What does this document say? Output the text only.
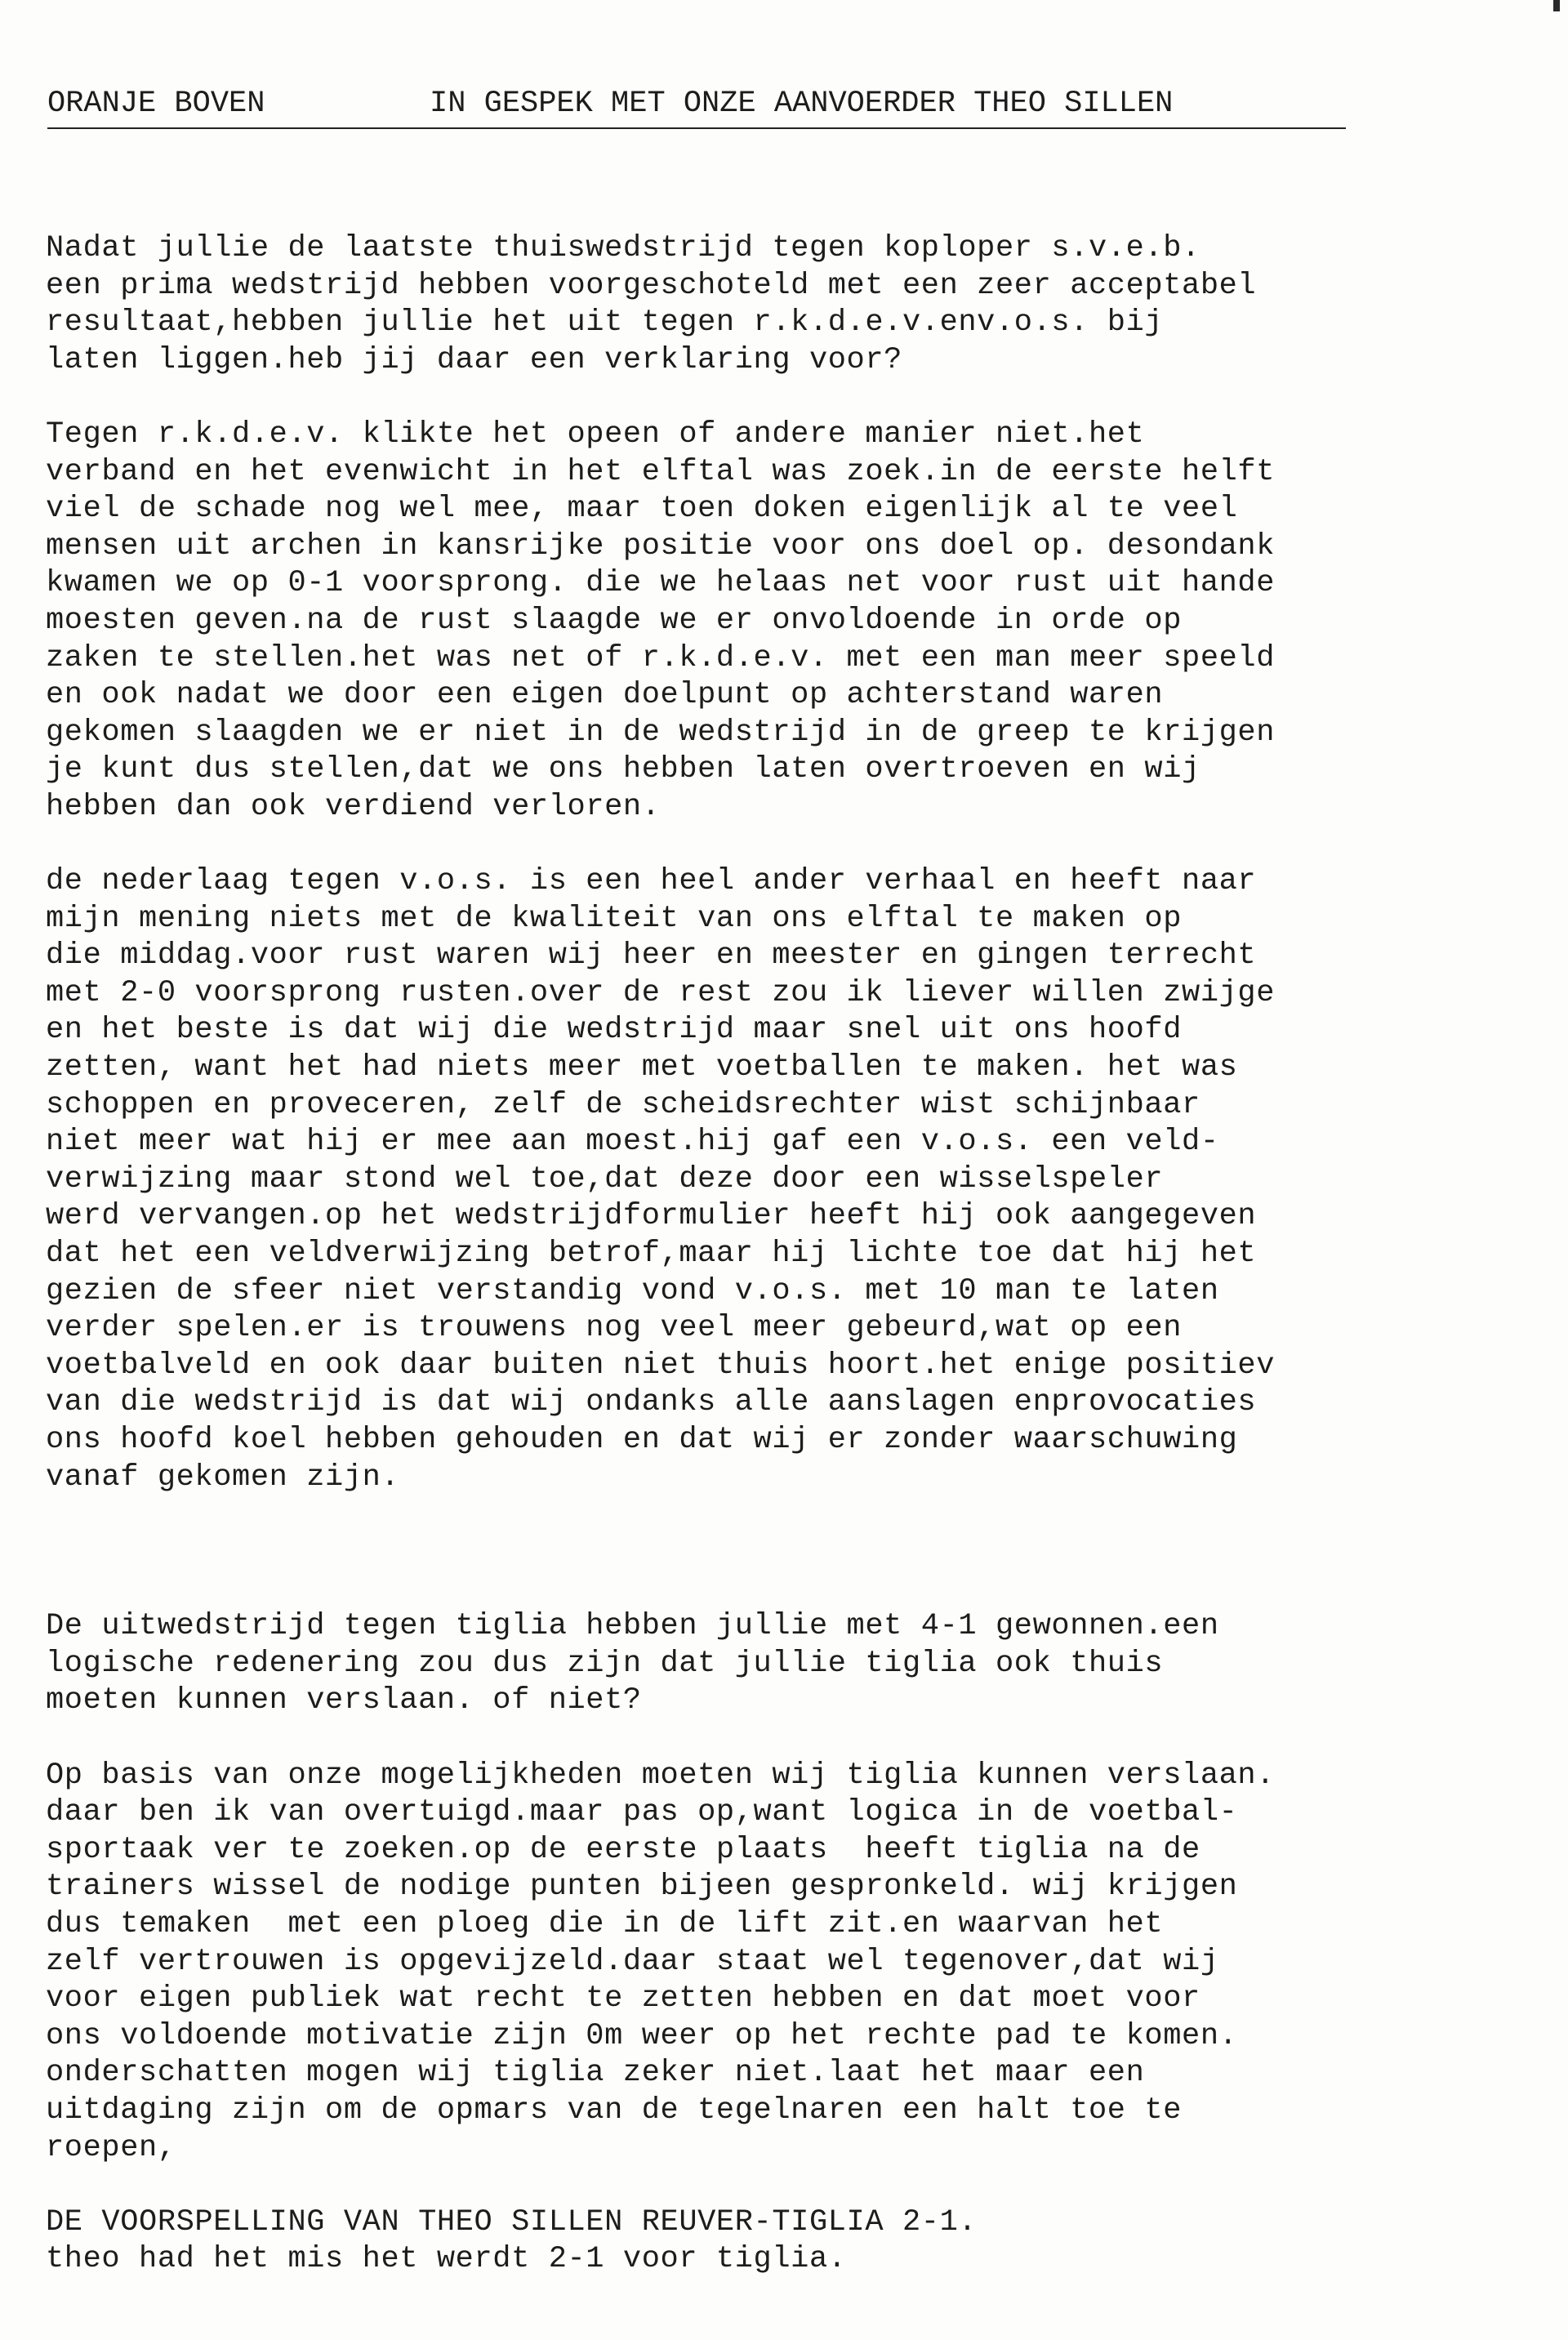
ORANJE BOVEN

	IN GESPEK MET ONZE AANVOERDER THEO SILLEN

Nadat jullie de laatste thuiswedstrijd tegen koploper s.v.e.b.
een prima wedstrijd hebben voorgeschoteld met een zeer acceptabel
resultaat,hebben jullie het uit tegen r.k.d.e.v.env.o.s. bij
laten liggen.heb jij daar een verklaring voor?
Tegen r.k.d.e.v. klikte het opeen of andere manier niet.het
verband en het evenwicht in het elftal was zoek.in de eerste helft
viel de schade nog wel mee, maar toen doken eigenlijk al te veel
mensen uit archen in kansrijke positie voor ons doel op. desondank
kwamen we op 0-1 voorsprong. die we helaas net voor rust uit hande
moesten geven.na de rust slaagde we er onvoldoende in orde op
zaken te stellen.het was net of r.k.d.e.v. met een man meer speeld
en ook nadat we door een eigen doelpunt op achterstand waren
gekomen slaagden we er niet in de wedstrijd in de greep te krijgen
je kunt dus stellen,dat we ons hebben laten overtroeven en wij
hebben dan ook verdiend verloren.
de nederlaag tegen v.o.s. is een heel ander verhaal en heeft naar
mijn mening niets met de kwaliteit van ons elftal te maken op
die middag.voor rust waren wij heer en meester en gingen terrecht
met 2-0 voorsprong rusten.over de rest zou ik liever willen zwijge
en het beste is dat wij die wedstrijd maar snel uit ons hoofd
zetten, want het had niets meer met voetballen te maken. het was
schoppen en proveceren, zelf de scheidsrechter wist schijnbaar
niet meer wat hij er mee aan moest.hij gaf een v.o.s. een veld-
verwijzing maar stond wel toe,dat deze door een wisselspeler
werd vervangen.op het wedstrijdformulier heeft hij ook aangegeven
dat het een veldverwijzing betrof,maar hij lichte toe dat hij het
gezien de sfeer niet verstandig vond v.o.s. met 10 man te laten
verder spelen.er is trouwens nog veel meer gebeurd,wat op een
voetbalveld en ook daar buiten niet thuis hoort.het enige positiev
van die wedstrijd is dat wij ondanks alle aanslagen enprovocaties
ons hoofd koel hebben gehouden en dat wij er zonder waarschuwing
vanaf gekomen zijn.
De uitwedstrijd tegen tiglia hebben jullie met 4-1 gewonnen.een
logische redenering zou dus zijn dat jullie tiglia ook thuis
moeten kunnen verslaan. of niet?
Op basis van onze mogelijkheden moeten wij tiglia kunnen verslaan.
daar ben ik van overtuigd.maar pas op,want logica in de voetbal-
sportaak ver te zoeken.op de eerste plaats  heeft tiglia na de
trainers wissel de nodige punten bijeen gespronkeld. wij krijgen
dus temaken  met een ploeg die in de lift zit.en waarvan het
zelf vertrouwen is opgevijzeld.daar staat wel tegenover,dat wij
voor eigen publiek wat recht te zetten hebben en dat moet voor
ons voldoende motivatie zijn 0m weer op het rechte pad te komen.
onderschatten mogen wij tiglia zeker niet.laat het maar een
uitdaging zijn om de opmars van de tegelnaren een halt toe te
roepen,
DE VOORSPELLING VAN THEO SILLEN REUVER-TIGLIA 2-1.
theo had het mis het werdt 2-1 voor tiglia.
